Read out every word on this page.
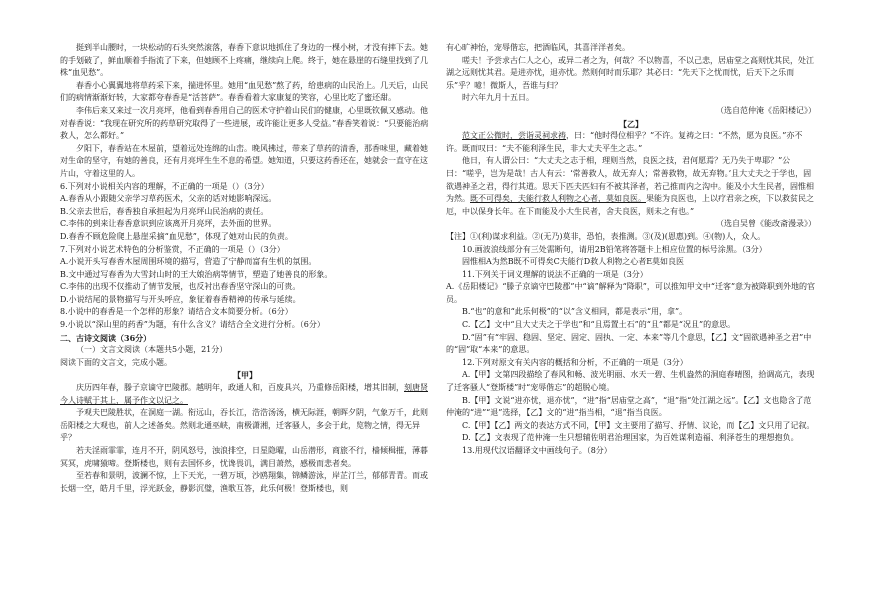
挺到半山腰时，一块松动的石头突然滚落，春香下意识地抓住了身边的一棵小树，才没有摔下去。她的手划破了，鲜血顺着手指流了下来，但她顾不上疼痛，继续向上爬。终于，她在悬崖的石缝里找到了几株“血见愁”。

春香小心翼翼地将草药采下来，揣进怀里。她用“血见愁”熬了药，给患病的山民治上。几天后，山民们的病情渐渐好转，大家都夸春香是“活菩萨”。春香看着大家康复的笑容，心里比吃了蜜还甜。

李伟后来又来过一次月亮坪，他看到春香用自己的医术守护着山民们的健康，心里既钦佩又感动。他对春香说：“我现在研究所的药草研究取得了一些进展，或许能让更多人受益。”春香笑着说：“只要能治病救人，怎么都好。”

夕阳下，春香站在木屋前，望着远处连绵的山峦。晚风拂过，带来了草药的清香，那香味里，藏着她对生命的坚守，有她的善良，还有月亮坪生生不息的希望。她知道，只要这药香还在，她就会一直守在这片山，守着这里的人。

6.下列对小说相关内容的理解，不正确的一项是（）（3分）

A.春香从小跟随父亲学习草药医术，父亲的话对她影响深远。

B.父亲去世后，春香独自承担起为月亮坪山民治病的责任。

C.李伟的到来让春香意识到应该离开月亮坪，去外面的世界。

D.春香不顾危险爬上悬崖采摘“血见愁”，体现了她对山民的负责。

7.下列对小说艺术特色的分析鉴赏，不正确的一项是（）（3分）

A.小说开头写春香木屋周围环境的描写，营造了宁静而富有生机的氛围。

B.文中通过写春香为大雪封山时的王大娘治病等情节，塑造了她善良的形象。

C.李伟的出现不仅推动了情节发展，也反衬出春香坚守深山的可贵。

D.小说结尾的景物描写与开头呼应，象征着春香精神的传承与延续。

8.小说中的春香是一个怎样的形象？请结合文本简要分析。（6分）

9.小说以“深山里的药香”为题，有什么含义？请结合全文进行分析。（6分）

二、古诗文阅读（36分）

（一）文言文阅读（本题共5小题，21分）

阅读下面的文言文，完成小题。

【甲】

庆历四年春，滕子京谪守巴陵郡。越明年，政通人和，百废具兴，乃重修岳阳楼，增其旧制，刻唐贤今人诗赋于其上，属予作文以记之。

予观夫巴陵胜状，在洞庭一湖。衔远山，吞长江，浩浩汤汤，横无际涯，朝晖夕阴，气象万千，此则岳阳楼之大观也，前人之述备矣。然则北通巫峡，南极潇湘，迁客骚人，多会于此，览物之情，得无异乎？

若夫淫雨霏霏，连月不开，阴风怒号，浊浪排空，日星隐曜，山岳潜形，商旅不行，樯倾楫摧，薄暮冥冥，虎啸猿啼。登斯楼也，则有去国怀乡，忧谗畏讥，满目萧然，感极而悲者矣。

至若春和景明，波澜不惊，上下天光，一碧万顷，沙鸥翔集，锦鳞游泳，岸芷汀兰，郁郁青青。而或长烟一空，皓月千里，浮光跃金，静影沉璧，渔歌互答，此乐何极！登斯楼也，则

有心旷神怡，宠辱偕忘，把酒临风，其喜洋洋者矣。

嗟夫！予尝求古仁人之心，或异二者之为，何哉？不以物喜，不以己悲，居庙堂之高则忧其民，处江湖之远则忧其君。是进亦忧，退亦忧。然则何时而乐耶？其必曰：“先天下之忧而忧，后天下之乐而乐”乎？噫！微斯人，吾谁与归？

时六年九月十五日。

（选自范仲淹《岳阳楼记》）

【乙】

范文正公微时，尝诣灵祠求祷，曰：“他时得位相乎？”不许。复祷之曰：“不然，愿为良医。”亦不许。既而叹曰：“夫不能利泽生民，非大丈夫平生之志。”

他日，有人谓公曰：“大丈夫之志于相，理则当然，良医之技，君何愿焉？无乃失于卑耶？”公曰：“嗟乎，岂为是哉！古人有云：‘常善救人，故无弃人；常善救物，故无弃物。’且大丈夫之于学也，固欲遇神圣之君，得行其道。思天下匹夫匹妇有不被其泽者，若己推而内之沟中。能及小大生民者，固惟相为然。既不可得矣，夫能行救人利物之心者，莫如良医。果能为良医也，上以疗君亲之疾，下以救贫民之厄，中以保身长年。在下而能及小大生民者，舍夫良医，则未之有也。”

（选自吴曾《能改斋漫录》）

【注】①(利)谋求利益。②(无乃)莫非，恐怕，表推测。③(及)(恩惠)到。④(物)人，众人。

10.画波浪线部分有三处需断句，请用2B铅笔将答题卡上相应位置的标号涂黑。（3分）

固惟相A为然B既不可得矣C夫能行D救人利物之心者E莫如良医

11.下列关于词义理解的说法不正确的一项是（3分）

A.《岳阳楼记》“滕子京谪守巴陵郡”中“谪”解释为“降职”，可以推知甲文中“迁客”意为被降职到外地的官员。

B.“也”的意和“此乐何极”的“以”含义相同，都是表示“用，拿”。

C.【乙】文中“且大丈夫之于学也”和“且焉置土石”的“且”都是“况且”的意思。

D.“固”有“牢固、稳固、坚定、固定、固执、一定、本来”等几个意思，【乙】文“固欲遇神圣之君”中的“固”取“本来”的意思。

12.下列对原文有关内容的概括和分析，不正确的一项是（3分）

A.【甲】文第四段描绘了春风和畅、波光明丽、水天一碧、生机盎然的洞庭春晴图，拾调高亢，表现了迁客骚人“登斯楼”时“宠辱偕忘”的超脱心境。

B.【甲】文说“进亦忧，退亦忧”，“进”指“居庙堂之高”，“退”指“处江湖之远”。【乙】文也隐含了范仲淹的“进”“退”选择，【乙】文的“进”指当相，“退”指当良医。

C.【甲】【乙】两文的表达方式不同，【甲】文主要用了描写、抒情、议论，而【乙】文只用了记叙。

D.【乙】文表现了范仲淹一生只想辅佐明君治理国家，为百姓谋利造福、利泽苍生的理想抱负。

13.用现代汉语翻译文中画线句子。（8分）
